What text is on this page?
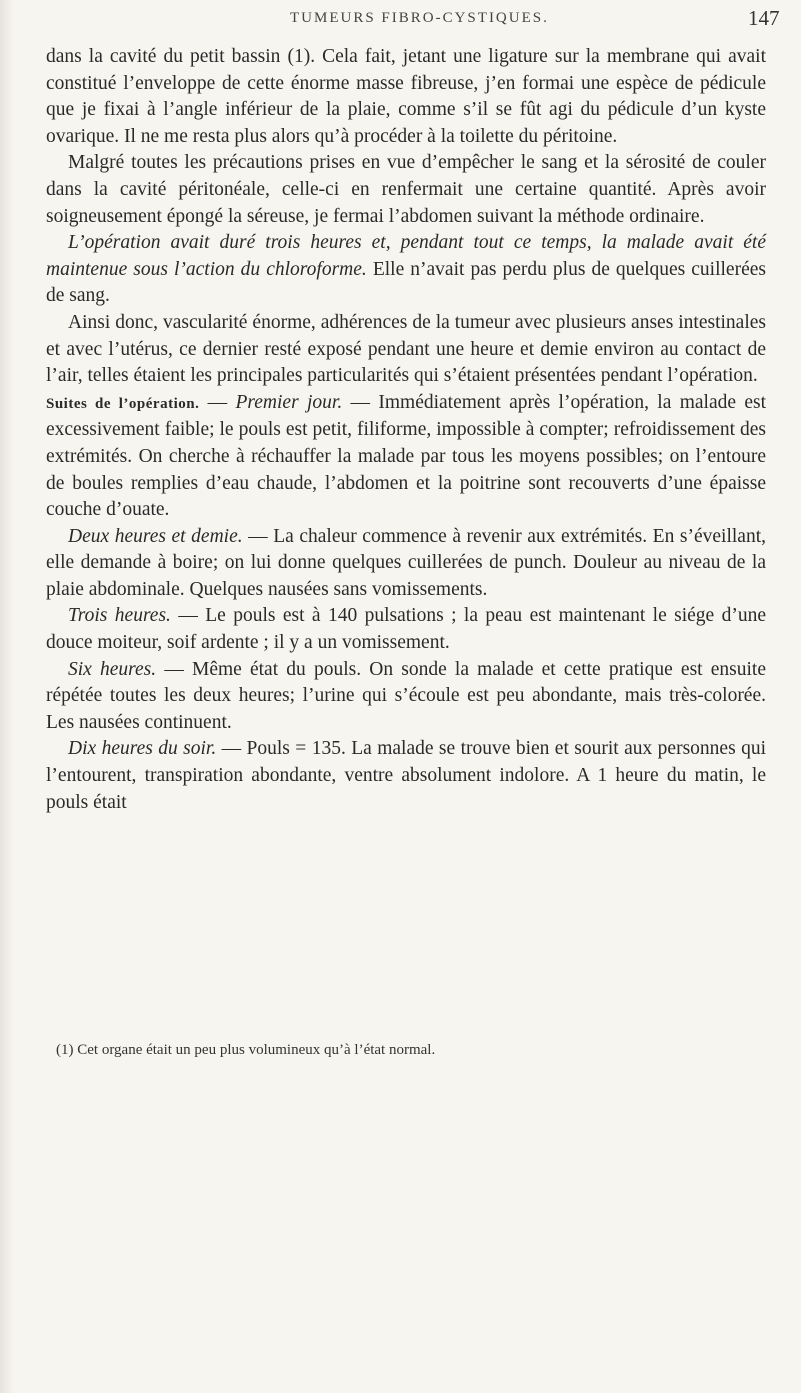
TUMEURS FIBRO-CYSTIQUES.	147

dans la cavité du petit bassin (1). Cela fait, jetant une ligature sur la membrane qui avait constitué l’enveloppe de cette énorme masse fibreuse, j’en formai une espèce de pédicule que je fixai à l’angle inférieur de la plaie, comme s’il se fût agi du pédicule d’un kyste ovarique. Il ne me resta plus alors qu’à procéder à la toilette du péritoine.

Malgré toutes les précautions prises en vue d’empêcher le sang et la sérosité de couler dans la cavité péritonéale, celle-ci en renfermait une certaine quantité. Après avoir soigneusement épongé la séreuse, je fermai l’abdomen suivant la méthode ordinaire.

L’opération avait duré trois heures et, pendant tout ce temps, la malade avait été maintenue sous l’action du chloroforme. Elle n’avait pas perdu plus de quelques cuillerées de sang.

Ainsi donc, vascularité énorme, adhérences de la tumeur avec plusieurs anses intestinales et avec l’utérus, ce dernier resté exposé pendant une heure et demie environ au contact de l’air, telles étaient les principales particularités qui s’étaient présentées pendant l’opération.

Suites de l’opération. — Premier jour. — Immédiatement après l’opération, la malade est excessivement faible; le pouls est petit, filiforme, impossible à compter; refroidissement des extrémités. On cherche à réchauffer la malade par tous les moyens possibles; on l’entoure de boules remplies d’eau chaude, l’abdomen et la poitrine sont recouverts d’une épaisse couche d’ouate.

Deux heures et demie. — La chaleur commence à revenir aux extrémités. En s’éveillant, elle demande à boire; on lui donne quelques cuillerées de punch. Douleur au niveau de la plaie abdominale. Quelques nausées sans vomissements.

Trois heures. — Le pouls est à 140 pulsations ; la peau est maintenant le siége d’une douce moiteur, soif ardente ; il y a un vomissement.

Six heures. — Même état du pouls. On sonde la malade et cette pratique est ensuite répétée toutes les deux heures; l’urine qui s’écoule est peu abondante, mais très-colorée. Les nausées continuent.

Dix heures du soir. — Pouls = 135. La malade se trouve bien et sourit aux personnes qui l’entourent, transpiration abondante, ventre absolument indolore. A 1 heure du matin, le pouls était

(1) Cet organe était un peu plus volumineux qu’à l’état normal.
